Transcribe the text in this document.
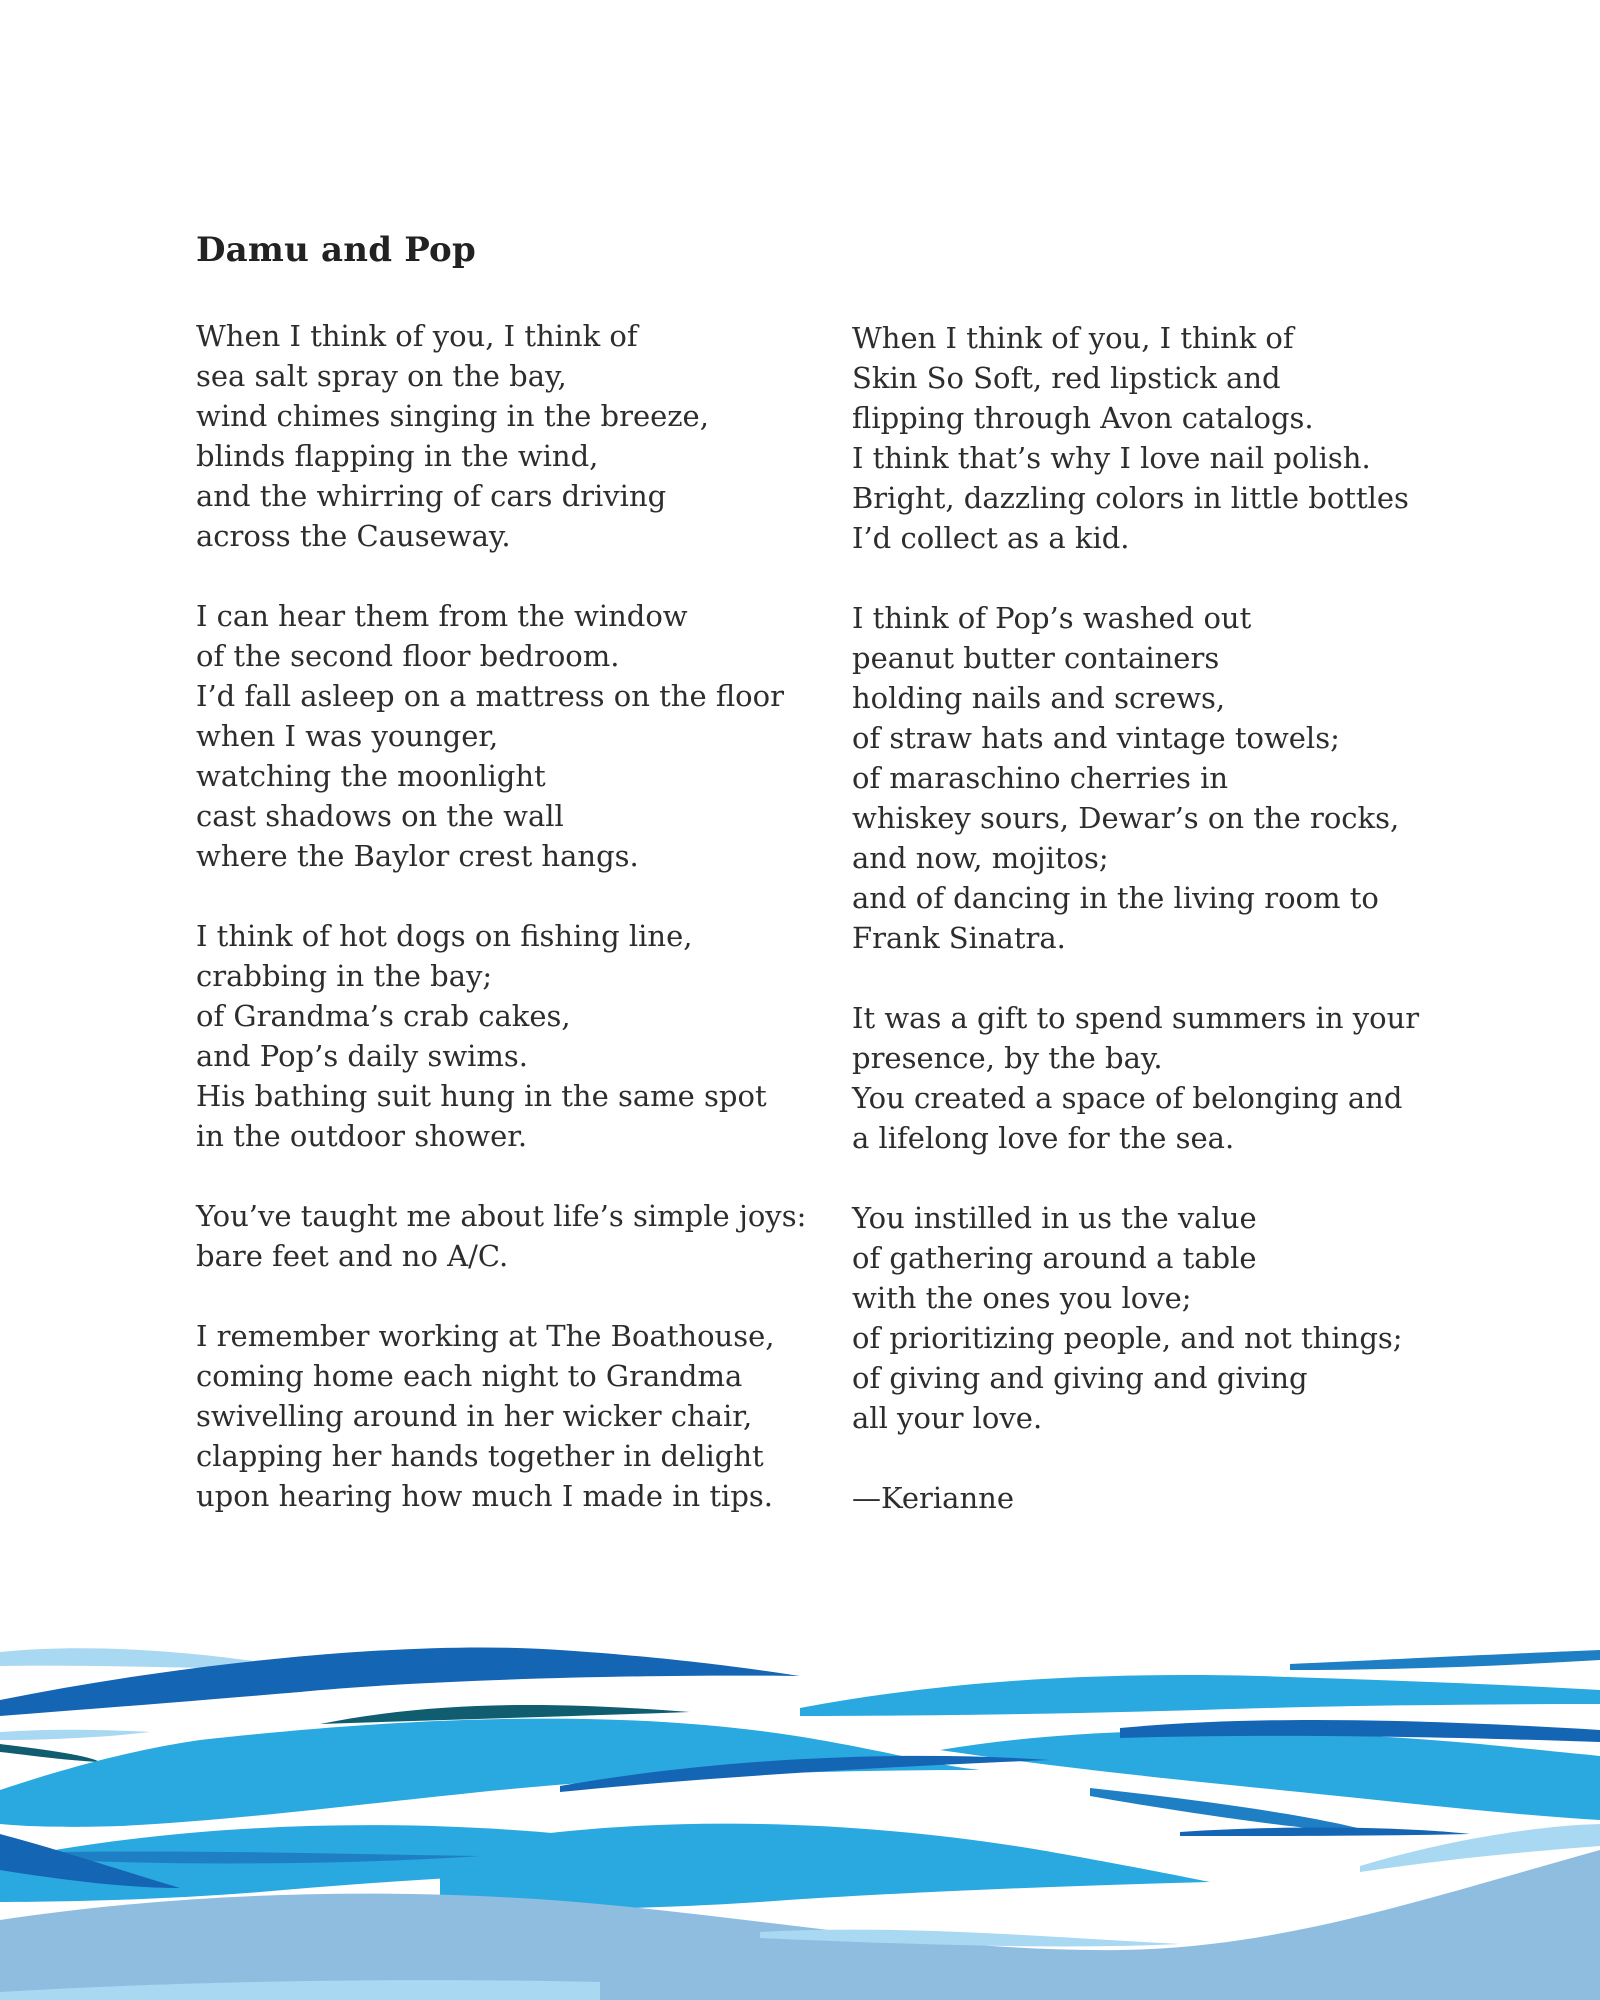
Damu and Pop

When I think of you, I think of
sea salt spray on the bay,
wind chimes singing in the breeze,
blinds flapping in the wind,
and the whirring of cars driving
across the Causeway.

I can hear them from the window
of the second floor bedroom.
I’d fall asleep on a mattress on the floor
when I was younger,
watching the moonlight
cast shadows on the wall
where the Baylor crest hangs.

I think of hot dogs on fishing line,
crabbing in the bay;
of Grandma’s crab cakes,
and Pop’s daily swims.
His bathing suit hung in the same spot
in the outdoor shower.

You’ve taught me about life’s simple joys:
bare feet and no A/C.

I remember working at The Boathouse,
coming home each night to Grandma
swivelling around in her wicker chair,
clapping her hands together in delight
upon hearing how much I made in tips.

When I think of you, I think of
Skin So Soft, red lipstick and
flipping through Avon catalogs.
I think that’s why I love nail polish.
Bright, dazzling colors in little bottles
I’d collect as a kid.

I think of Pop’s washed out
peanut butter containers
holding nails and screws,
of straw hats and vintage towels;
of maraschino cherries in
whiskey sours, Dewar’s on the rocks,
and now, mojitos;
and of dancing in the living room to
Frank Sinatra.

It was a gift to spend summers in your
presence, by the bay.
You created a space of belonging and
a lifelong love for the sea.

You instilled in us the value
of gathering around a table
with the ones you love;
of prioritizing people, and not things;
of giving and giving and giving
all your love.

—Kerianne
